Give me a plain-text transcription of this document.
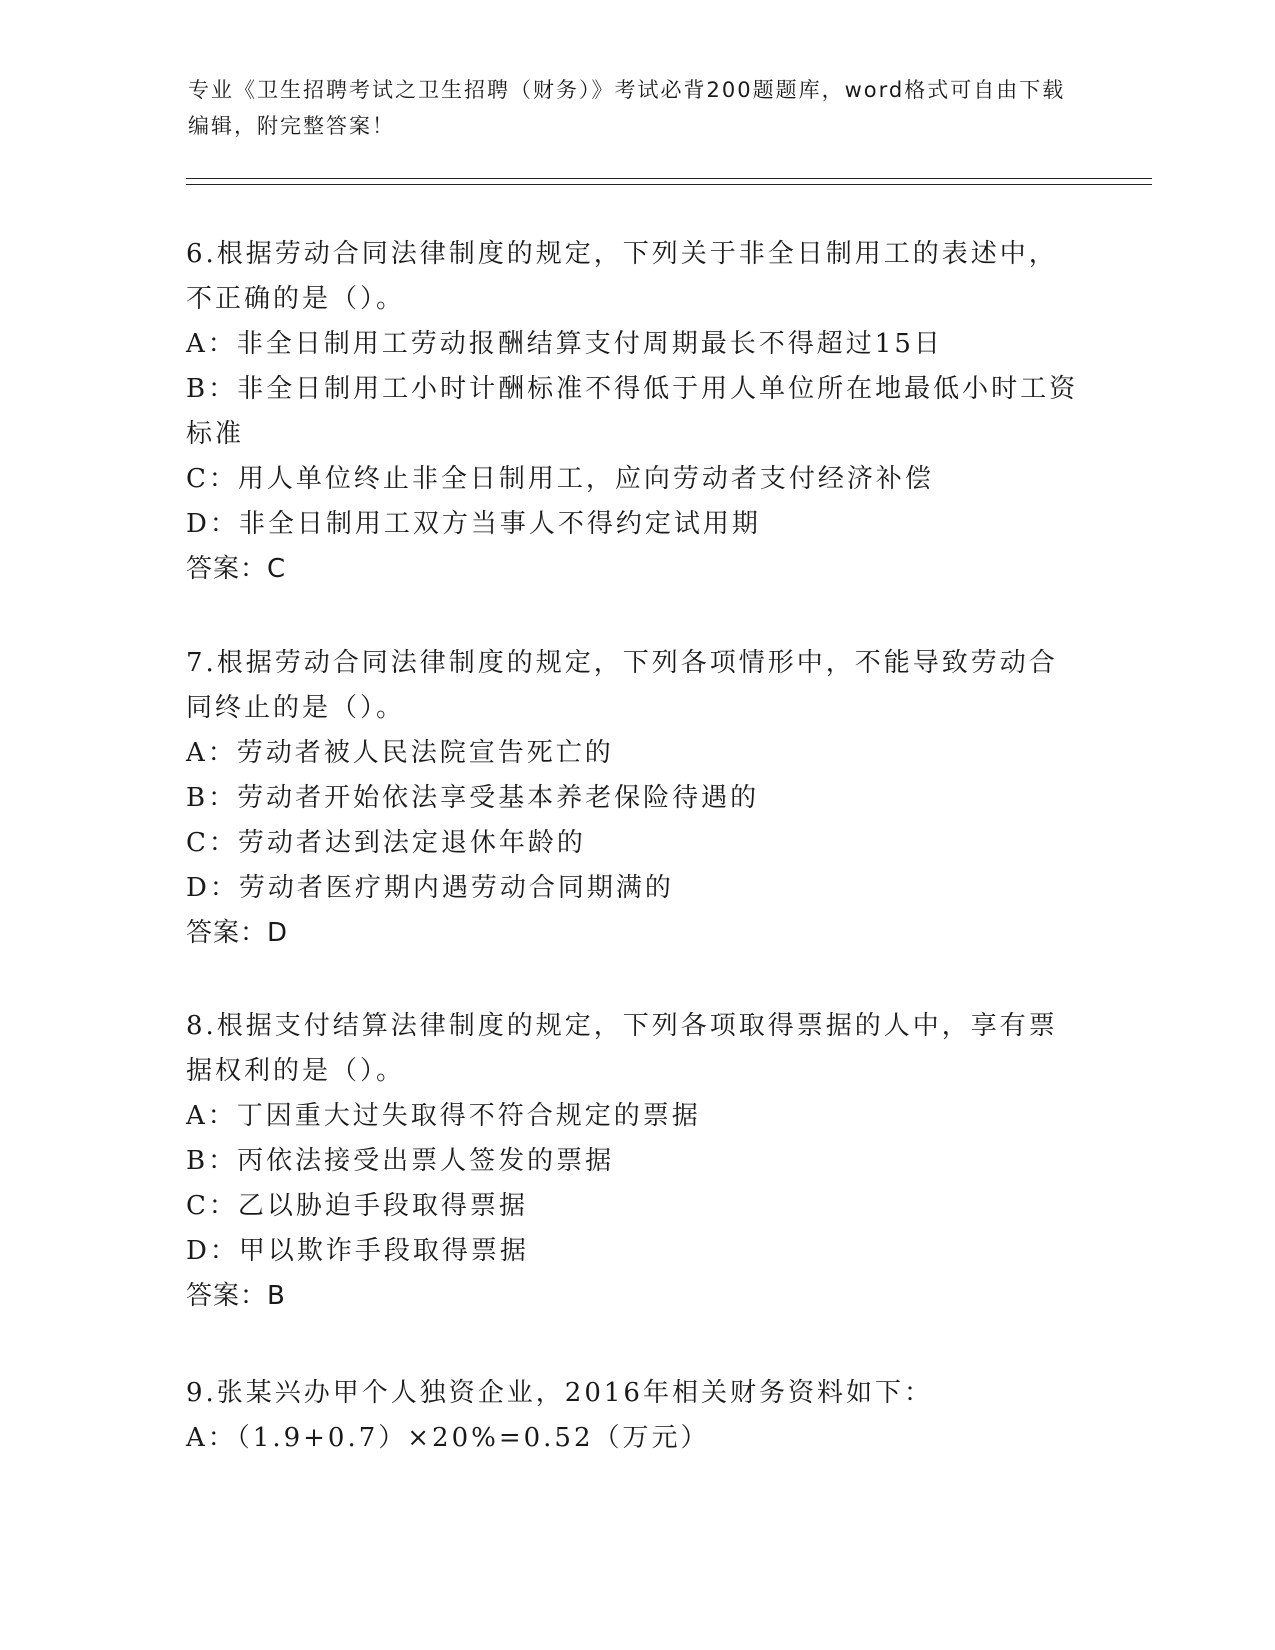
专业《卫生招聘考试之卫生招聘（财务）》考试必背200题题库，word格式可自由下载编辑，附完整答案！
6.根据劳动合同法律制度的规定，下列关于非全日制用工的表述中，不正确的是（）。
A：非全日制用工劳动报酬结算支付周期最长不得超过15日
B：非全日制用工小时计酬标准不得低于用人单位所在地最低小时工资标准
C：用人单位终止非全日制用工，应向劳动者支付经济补偿
D：非全日制用工双方当事人不得约定试用期
答案：C
7.根据劳动合同法律制度的规定，下列各项情形中，不能导致劳动合同终止的是（）。
A：劳动者被人民法院宣告死亡的
B：劳动者开始依法享受基本养老保险待遇的
C：劳动者达到法定退休年龄的
D：劳动者医疗期内遇劳动合同期满的
答案：D
8.根据支付结算法律制度的规定，下列各项取得票据的人中，享有票据权利的是（）。
A：丁因重大过失取得不符合规定的票据
B：丙依法接受出票人签发的票据
C：乙以胁迫手段取得票据
D：甲以欺诈手段取得票据
答案：B
9.张某兴办甲个人独资企业，2016年相关财务资料如下：
A：（1.9+0.7）×20%=0.52（万元）
